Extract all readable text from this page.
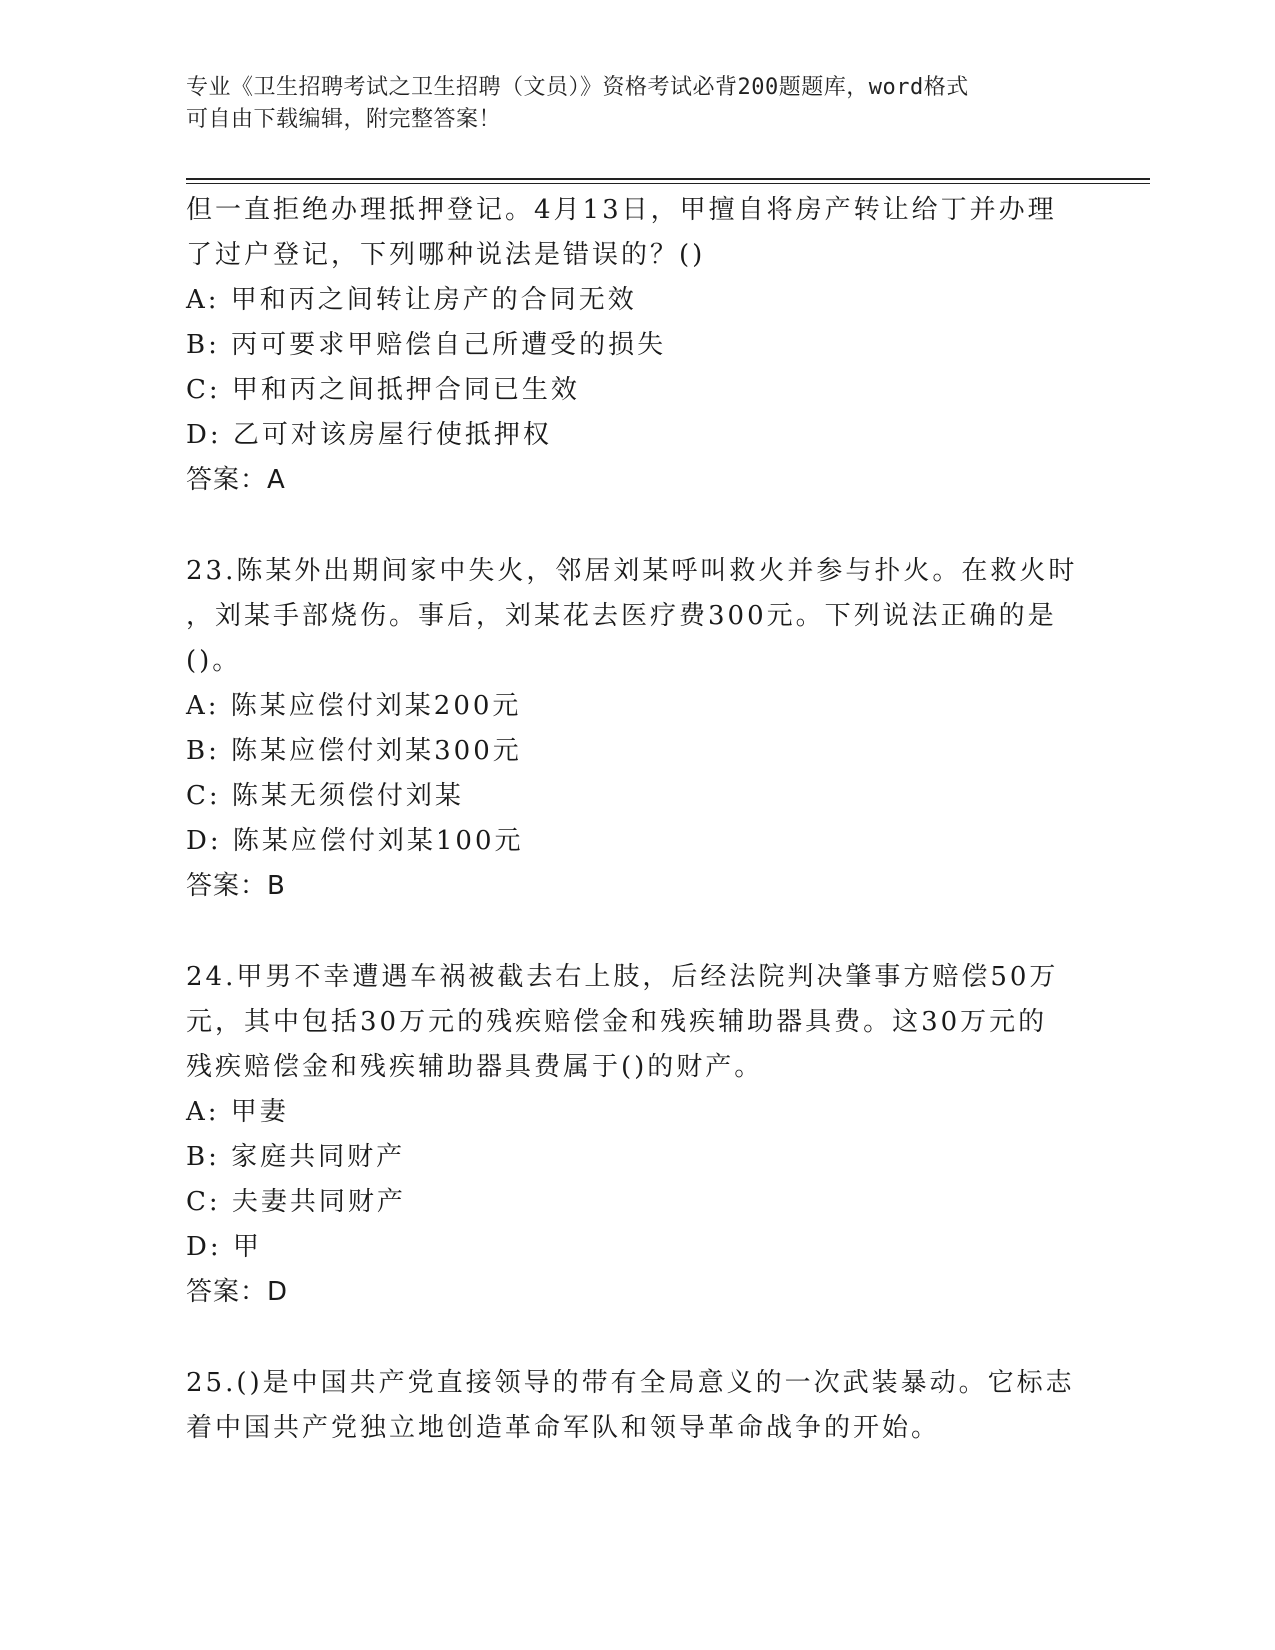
专业《卫生招聘考试之卫生招聘（文员）》资格考试必背200题题库，word格式
可自由下载编辑，附完整答案！
但一直拒绝办理抵押登记。4月13日，甲擅自将房产转让给丁并办理
了过户登记，下列哪种说法是错误的？()
A: 甲和丙之间转让房产的合同无效
B: 丙可要求甲赔偿自己所遭受的损失
C: 甲和丙之间抵押合同已生效
D: 乙可对该房屋行使抵押权
答案：A
23.陈某外出期间家中失火，邻居刘某呼叫救火并参与扑火。在救火时
，刘某手部烧伤。事后，刘某花去医疗费300元。下列说法正确的是
()。
A: 陈某应偿付刘某200元
B: 陈某应偿付刘某300元
C: 陈某无须偿付刘某
D: 陈某应偿付刘某100元
答案：B
24.甲男不幸遭遇车祸被截去右上肢，后经法院判决肇事方赔偿50万
元，其中包括30万元的残疾赔偿金和残疾辅助器具费。这30万元的
残疾赔偿金和残疾辅助器具费属于()的财产。
A: 甲妻
B: 家庭共同财产
C: 夫妻共同财产
D: 甲
答案：D
25.()是中国共产党直接领导的带有全局意义的一次武装暴动。它标志
着中国共产党独立地创造革命军队和领导革命战争的开始。
